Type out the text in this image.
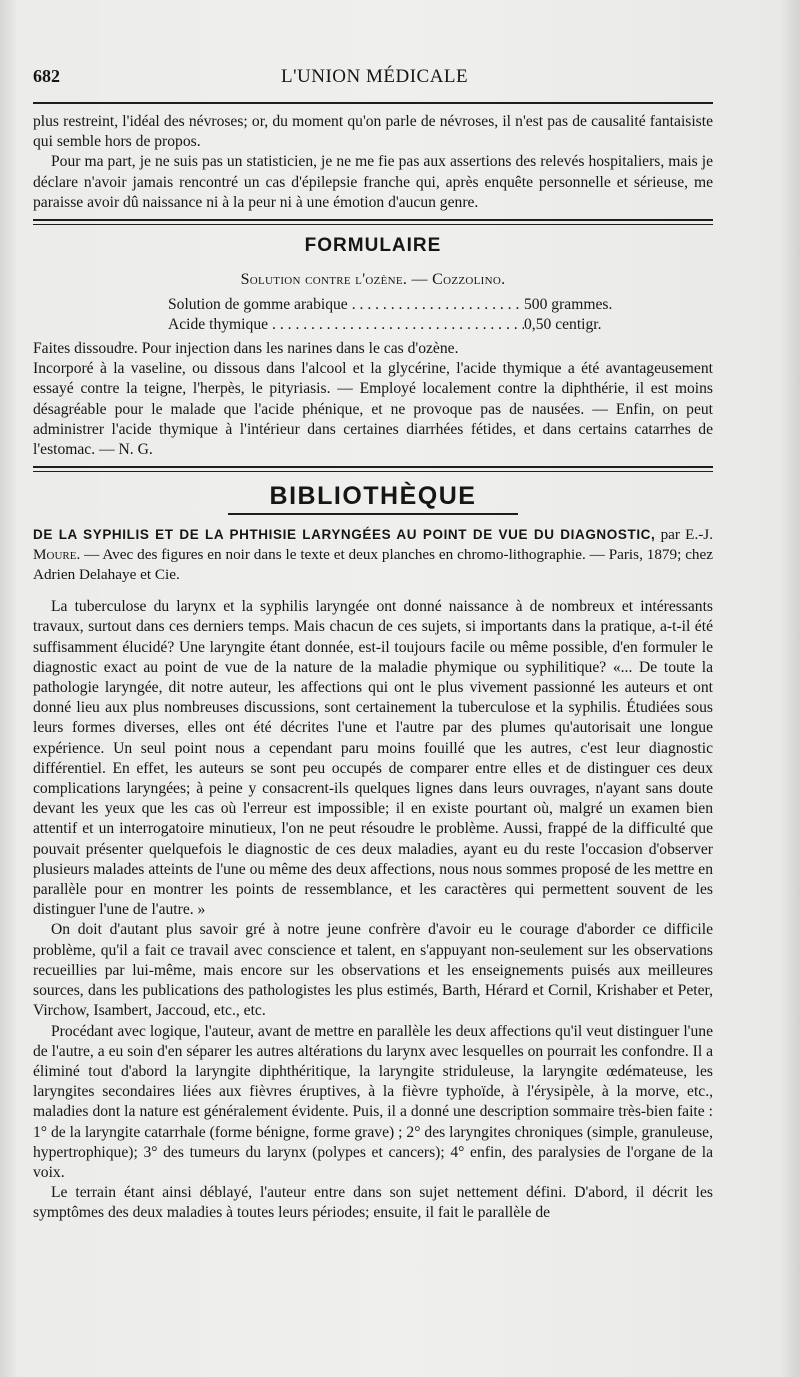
682	L'UNION MÉDICALE

plus restreint, l'idéal des névroses; or, du moment qu'on parle de névroses, il n'est pas de causalité fantaisiste qui semble hors de propos.

Pour ma part, je ne suis pas un statisticien, je ne me fie pas aux assertions des relevés hospitaliers, mais je déclare n'avoir jamais rencontré un cas d'épilepsie franche qui, après enquête personnelle et sérieuse, me paraisse avoir dû naissance ni à la peur ni à une émotion d'aucun genre.

FORMULAIRE
Solution contre l'ozène. — Cozzolino.
Solution de gomme arabique . . .	500 grammes.
Acide thymique . . .	0,50 centigr.

Faites dissoudre. Pour injection dans les narines dans le cas d'ozène.

Incorporé à la vaseline, ou dissous dans l'alcool et la glycérine, l'acide thymique a été avantageusement essayé contre la teigne, l'herpès, le pityriasis. — Employé localement contre la diphthérie, il est moins désagréable pour le malade que l'acide phénique, et ne provoque pas de nausées. — Enfin, on peut administrer l'acide thymique à l'intérieur dans certaines diarrhées fétides, et dans certains catarrhes de l'estomac. — N. G.

BIBLIOTHÈQUE
DE LA SYPHILIS ET DE LA PHTHISIE LARYNGÉES AU POINT DE VUE DU DIAGNOSTIC, par E.-J. Moure. — Avec des figures en noir dans le texte et deux planches en chromo-lithographie. — Paris, 1879; chez Adrien Delahaye et Cie.

La tuberculose du larynx et la syphilis laryngée ont donné naissance à de nombreux et intéressants travaux, surtout dans ces derniers temps. Mais chacun de ces sujets, si importants dans la pratique, a-t-il été suffisamment élucidé? Une laryngite étant donnée, est-il toujours facile ou même possible, d'en formuler le diagnostic exact au point de vue de la nature de la maladie phymique ou syphilitique? «... De toute la pathologie laryngée, dit notre auteur, les affections qui ont le plus vivement passionné les auteurs et ont donné lieu aux plus nombreuses discussions, sont certainement la tuberculose et la syphilis. Étudiées sous leurs formes diverses, elles ont été décrites l'une et l'autre par des plumes qu'autorisait une longue expérience. Un seul point nous a cependant paru moins fouillé que les autres, c'est leur diagnostic différentiel. En effet, les auteurs se sont peu occupés de comparer entre elles et de distinguer ces deux complications laryngées; à peine y consacrent-ils quelques lignes dans leurs ouvrages, n'ayant sans doute devant les yeux que les cas où l'erreur est impossible; il en existe pourtant où, malgré un examen bien attentif et un interrogatoire minutieux, l'on ne peut résoudre le problème. Aussi, frappé de la difficulté que pouvait présenter quelquefois le diagnostic de ces deux maladies, ayant eu du reste l'occasion d'observer plusieurs malades atteints de l'une ou même des deux affections, nous nous sommes proposé de les mettre en parallèle pour en montrer les points de ressemblance, et les caractères qui permettent souvent de les distinguer l'une de l'autre. »

On doit d'autant plus savoir gré à notre jeune confrère d'avoir eu le courage d'aborder ce difficile problème, qu'il a fait ce travail avec conscience et talent, en s'appuyant non-seulement sur les observations recueillies par lui-même, mais encore sur les observations et les enseignements puisés aux meilleures sources, dans les publications des pathologistes les plus estimés, Barth, Hérard et Cornil, Krishaber et Peter, Virchow, Isambert, Jaccoud, etc., etc.

Procédant avec logique, l'auteur, avant de mettre en parallèle les deux affections qu'il veut distinguer l'une de l'autre, a eu soin d'en séparer les autres altérations du larynx avec lesquelles on pourrait les confondre. Il a éliminé tout d'abord la laryngite diphthéritique, la laryngite striduleuse, la laryngite œdémateuse, les laryngites secondaires liées aux fièvres éruptives, à la fièvre typhoïde, à l'érysipèle, à la morve, etc., maladies dont la nature est généralement évidente. Puis, il a donné une description sommaire très-bien faite : 1° de la laryngite catarrhale (forme bénigne, forme grave) ; 2° des laryngites chroniques (simple, granuleuse, hypertrophique); 3° des tumeurs du larynx (polypes et cancers); 4° enfin, des paralysies de l'organe de la voix.

Le terrain étant ainsi déblayé, l'auteur entre dans son sujet nettement défini. D'abord, il décrit les symptômes des deux maladies à toutes leurs périodes; ensuite, il fait le parallèle de
